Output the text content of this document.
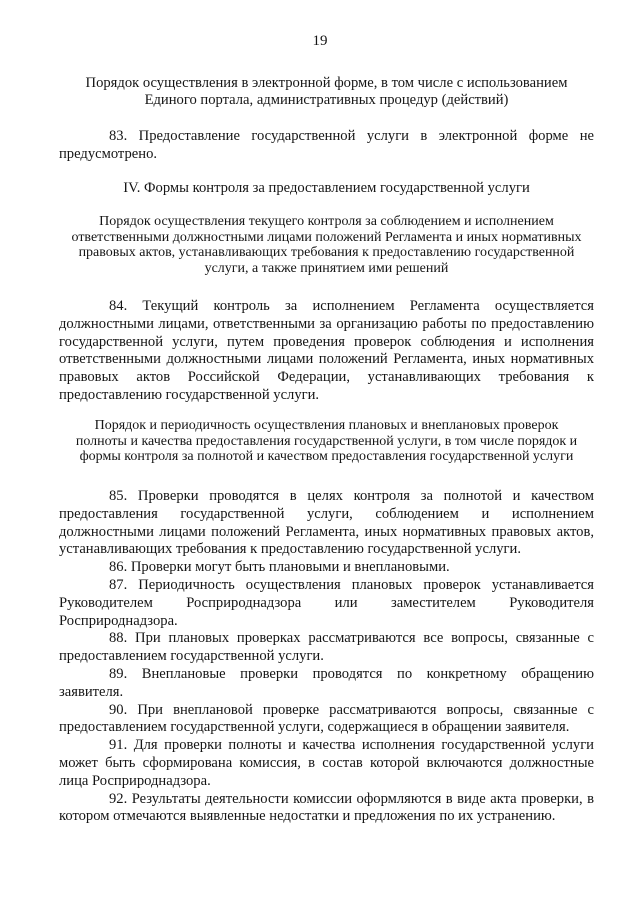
19

Порядок осуществления в электронной форме, в том числе с использованием Единого портала, административных процедур (действий)

83. Предоставление государственной услуги в электронной форме не предусмотрено.

IV. Формы контроля за предоставлением государственной услуги

Порядок осуществления текущего контроля за соблюдением и исполнением ответственными должностными лицами положений Регламента и иных нормативных правовых актов, устанавливающих требования к предоставлению государственной услуги, а также принятием ими решений

84. Текущий контроль за исполнением Регламента осуществляется должностными лицами, ответственными за организацию работы по предоставлению государственной услуги, путем проведения проверок соблюдения и исполнения ответственными должностными лицами положений Регламента, иных нормативных правовых актов Российской Федерации, устанавливающих требования к предоставлению государственной услуги.

Порядок и периодичность осуществления плановых и внеплановых проверок полноты и качества предоставления государственной услуги, в том числе порядок и формы контроля за полнотой и качеством предоставления государственной услуги

85. Проверки проводятся в целях контроля за полнотой и качеством предоставления государственной услуги, соблюдением и исполнением должностными лицами положений Регламента, иных нормативных правовых актов, устанавливающих требования к предоставлению государственной услуги.

86. Проверки могут быть плановыми и внеплановыми.

87. Периодичность осуществления плановых проверок устанавливается Руководителем Росприроднадзора или заместителем Руководителя Росприроднадзора.

88. При плановых проверках рассматриваются все вопросы, связанные с предоставлением государственной услуги.

89. Внеплановые проверки проводятся по конкретному обращению заявителя.

90. При внеплановой проверке рассматриваются вопросы, связанные с предоставлением государственной услуги, содержащиеся в обращении заявителя.

91. Для проверки полноты и качества исполнения государственной услуги может быть сформирована комиссия, в состав которой включаются должностные лица Росприроднадзора.

92. Результаты деятельности комиссии оформляются в виде акта проверки, в котором отмечаются выявленные недостатки и предложения по их устранению.
